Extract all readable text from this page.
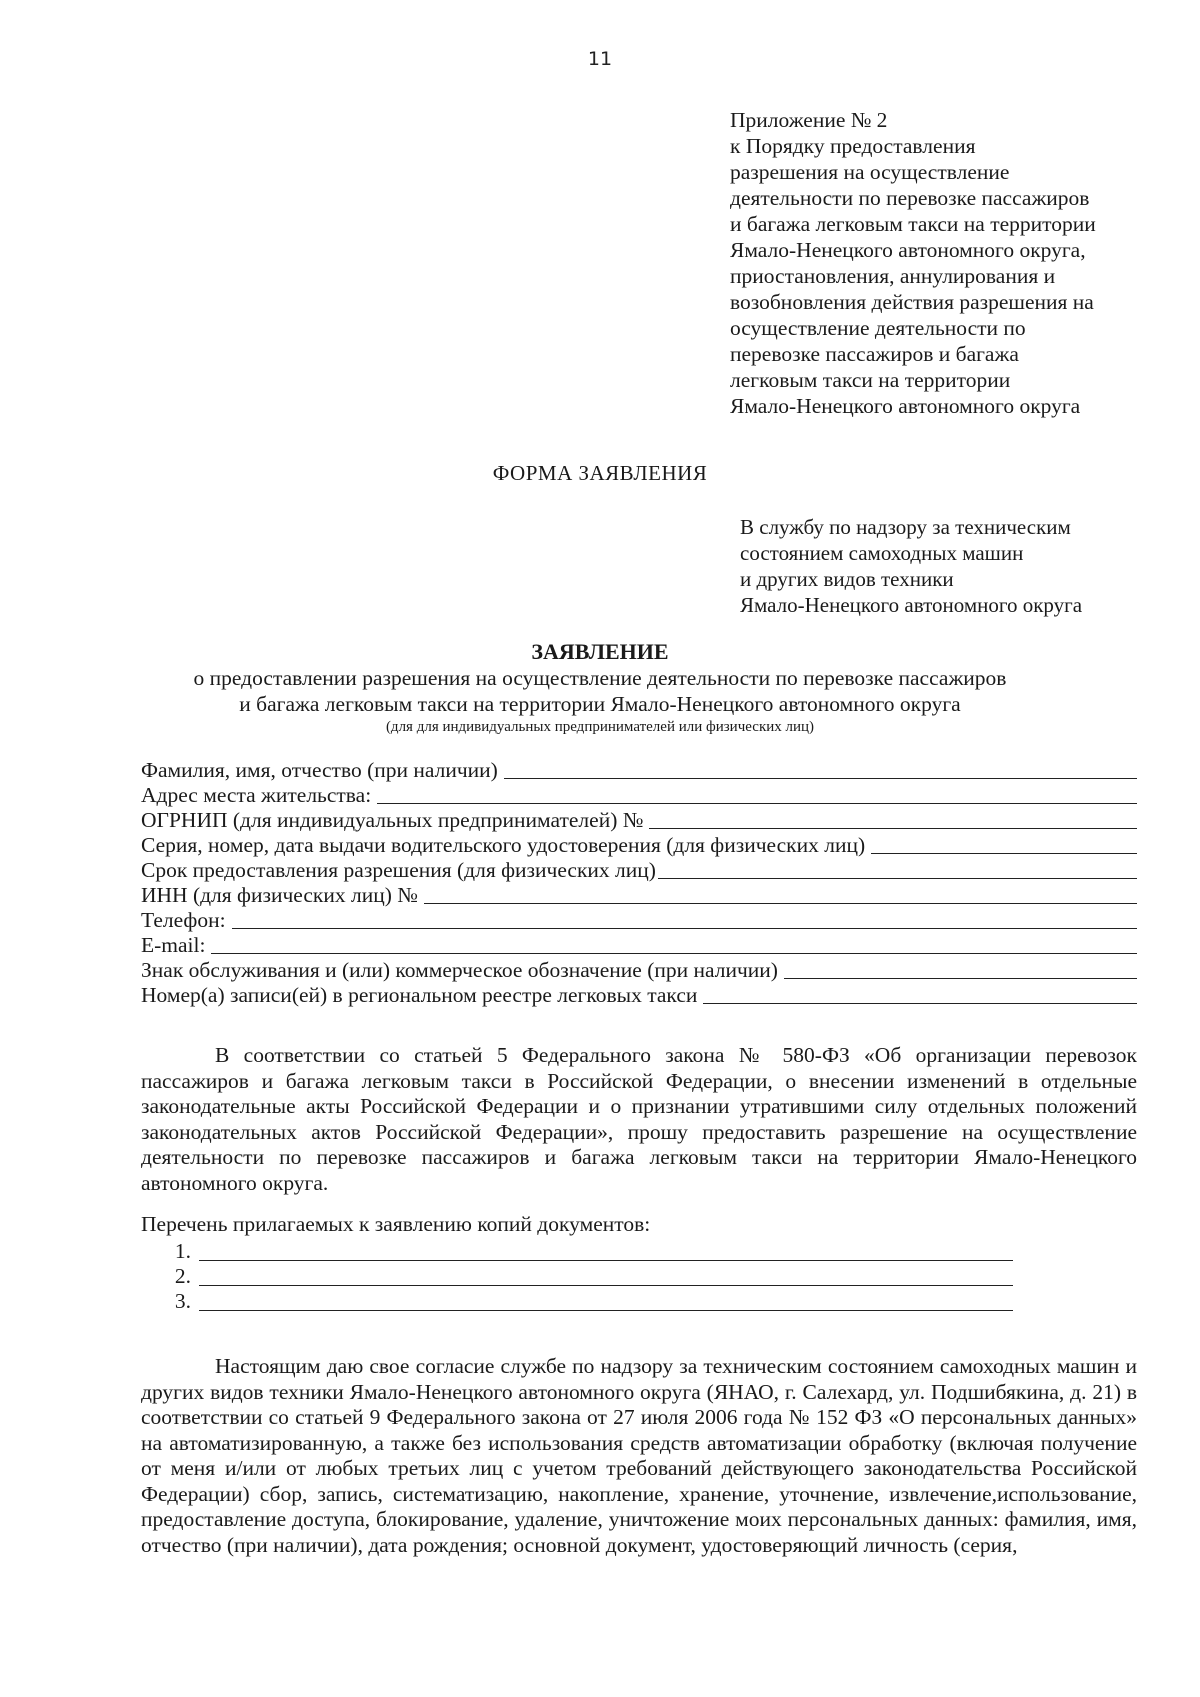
11
Приложение № 2
к Порядку предоставления
разрешения на осуществление
деятельности по перевозке пассажиров
и багажа легковым такси на территории
Ямало-Ненецкого автономного округа,
приостановления, аннулирования и
возобновления действия разрешения на
осуществление деятельности по
перевозке пассажиров и багажа
легковым такси на территории
Ямало-Ненецкого автономного округа
ФОРМА ЗАЯВЛЕНИЯ
В службу по надзору за техническим
состоянием самоходных машин
и других видов техники
Ямало-Ненецкого автономного округа
ЗАЯВЛЕНИЕ
о предоставлении разрешения на осуществление деятельности по перевозке пассажиров
и багажа легковым такси на территории Ямало-Ненецкого автономного округа
(для для индивидуальных предпринимателей или физических лиц)
Фамилия, имя, отчество (при наличии)
Адрес места жительства:
ОГРНИП (для индивидуальных предпринимателей) №
Серия, номер, дата выдачи водительского удостоверения (для физических лиц)
Срок предоставления разрешения (для физических лиц)
ИНН (для физических лиц) №
Телефон:
E-mail:
Знак обслуживания и (или) коммерческое обозначение (при наличии)
Номер(а) записи(ей) в региональном реестре легковых такси

В соответствии со статьей 5 Федерального закона № 580-ФЗ «Об организации перевозок пассажиров и багажа легковым такси в Российской Федерации, о внесении изменений в отдельные законодательные акты Российской Федерации и о признании утратившими силу отдельных положений законодательных актов Российской Федерации», прошу предоставить разрешение на осуществление деятельности по перевозке пассажиров и багажа легковым такси на территории Ямало-Ненецкого автономного округа.

Перечень прилагаемых к заявлению копий документов:
1.
2.
3.

Настоящим даю свое согласие службе по надзору за техническим состоянием самоходных машин и других видов техники Ямало-Ненецкого автономного округа (ЯНАО, г. Салехард, ул. Подшибякина, д. 21) в соответствии со статьей 9 Федерального закона от 27 июля 2006 года № 152 ФЗ «О персональных данных» на автоматизированную, а также без использования средств автоматизации обработку (включая получение от меня и/или от любых третьих лиц с учетом требований действующего законодательства Российской Федерации) сбор, запись, систематизацию, накопление, хранение, уточнение, извлечение,использование, предоставление доступа, блокирование, удаление, уничтожение моих персональных данных: фамилия, имя, отчество (при наличии), дата рождения; основной документ, удостоверяющий личность (серия,
